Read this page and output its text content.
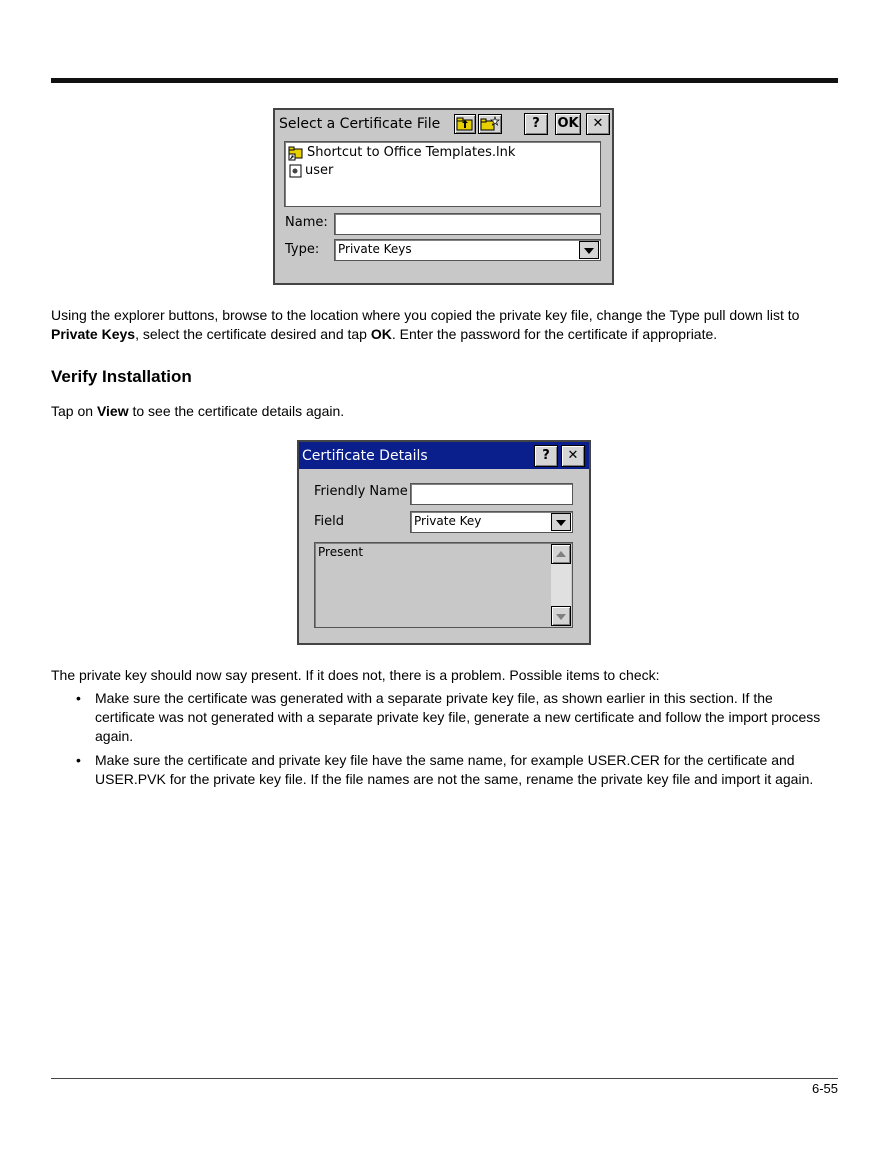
Select a Certificate File	?	OK	✕
Shortcut to Office Templates.lnk
user
Name:
Type:	Private Keys
Using the explorer buttons, browse to the location where you copied the private key file, change the Type pull down list to Private Keys, select the certificate desired and tap OK. Enter the password for the certificate if appropriate.
Verify Installation
Tap on View to see the certificate details again.
Certificate Details	?	✕
Friendly Name
Field	Private Key
Present
The private key should now say present. If it does not, there is a problem. Possible items to check:
• Make sure the certificate was generated with a separate private key file, as shown earlier in this section. If the certificate was not generated with a separate private key file, generate a new certificate and follow the import process again.
• Make sure the certificate and private key file have the same name, for example USER.CER for the certificate and USER.PVK for the private key file. If the file names are not the same, rename the private key file and import it again.
6-55
